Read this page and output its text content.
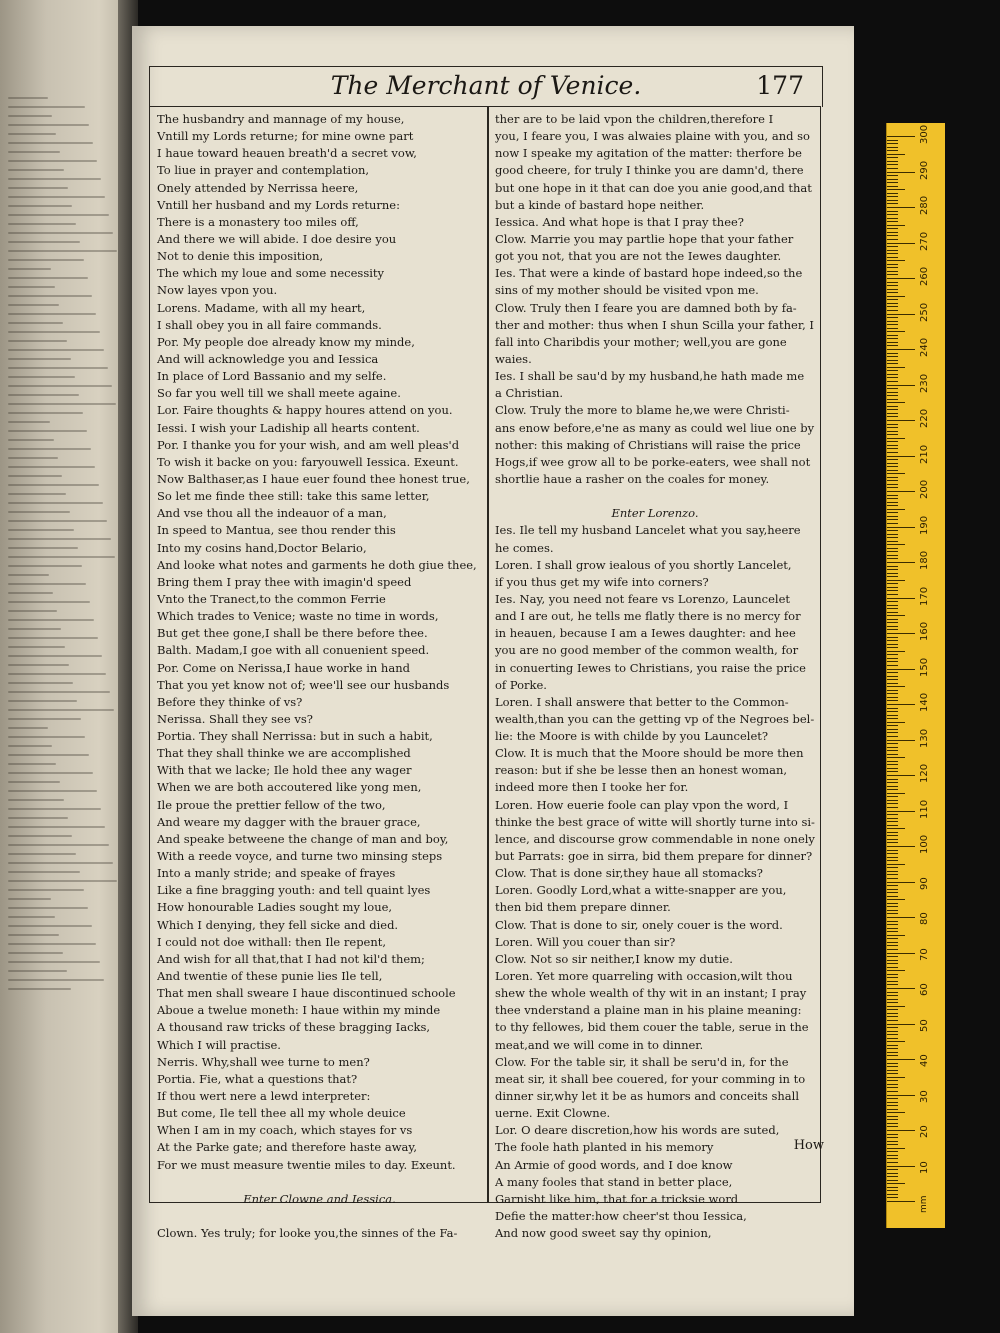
The Merchant of Venice.	177
The husbandry and mannage of my house,
Vntill my Lords returne; for mine owne part
I haue toward heauen breath'd a secret vow,
To liue in prayer and contemplation,
Onely attended by Nerrissa heere,
Vntill her husband and my Lords returne:
There is a monastery too miles off,
And there we will abide. I doe desire you
Not to denie this imposition,
The which my loue and some necessity
Now layes vpon you.
Lorens. Madame, with all my heart,
I shall obey you in all faire commands.
Por. My people doe already know my minde,
And will acknowledge you and Iessica
In place of Lord Bassanio and my selfe.
So far you well till we shall meete againe.
Lor. Faire thoughts & happy houres attend on you.
Iessi. I wish your Ladiship all hearts content.
Por. I thanke you for your wish, and am well pleas'd
To wish it backe on you: faryouwell Iessica. Exeunt.
Now Balthaser,as I haue euer found thee honest true,
So let me finde thee still: take this same letter,
And vse thou all the indeauor of a man,
In speed to Mantua, see thou render this
Into my cosins hand,Doctor Belario,
And looke what notes and garments he doth giue thee,
Bring them I pray thee with imagin'd speed
Vnto the Tranect,to the common Ferrie
Which trades to Venice; waste no time in words,
But get thee gone,I shall be there before thee.
Balth. Madam,I goe with all conuenient speed.
Por. Come on Nerissa,I haue worke in hand
That you yet know not of; wee'll see our husbands
Before they thinke of vs?
Nerissa. Shall they see vs?
Portia. They shall Nerrissa: but in such a habit,
That they shall thinke we are accomplished
With that we lacke; Ile hold thee any wager
When we are both accoutered like yong men,
Ile proue the prettier fellow of the two,
And weare my dagger with the brauer grace,
And speake betweene the change of man and boy,
With a reede voyce, and turne two minsing steps
Into a manly stride; and speake of frayes
Like a fine bragging youth: and tell quaint lyes
How honourable Ladies sought my loue,
Which I denying, they fell sicke and died.
I could not doe withall: then Ile repent,
And wish for all that,that I had not kil'd them;
And twentie of these punie lies Ile tell,
That men shall sweare I haue discontinued schoole
Aboue a twelue moneth: I haue within my minde
A thousand raw tricks of these bragging Iacks,
Which I will practise.
Nerris. Why,shall wee turne to men?
Portia. Fie, what a questions that?
If thou wert nere a lewd interpreter:
But come, Ile tell thee all my whole deuice
When I am in my coach, which stayes for vs
At the Parke gate; and therefore haste away,
For we must measure twentie miles to day. Exeunt.
Enter Clowne and Iessica.
Clown. Yes truly; for looke you,the sinnes of the Fa-
ther are to be laid vpon the children,therefore I
you, I feare you, I was alwaies plaine with you, and so
now I speake my agitation of the matter: therfore be
good cheere, for truly I thinke you are damn'd, there
but one hope in it that can doe you anie good,and that
but a kinde of bastard hope neither.
Iessica. And what hope is that I pray thee?
Clow. Marrie you may partlie hope that your father
got you not, that you are not the Iewes daughter.
Ies. That were a kinde of bastard hope indeed,so the
sins of my mother should be visited vpon me.
Clow. Truly then I feare you are damned both by fa-
ther and mother: thus when I shun Scilla your father, I
fall into Charibdis your mother; well,you are gone
waies.
Ies. I shall be sau'd by my husband,he hath made me
a Christian.
Clow. Truly the more to blame he,we were Christi-
ans enow before,e'ne as many as could wel liue one by
nother: this making of Christians will raise the price
Hogs,if wee grow all to be porke-eaters, wee shall not
shortlie haue a rasher on the coales for money.
Enter Lorenzo.
Ies. Ile tell my husband Lancelet what you say,heere
he comes.
Loren. I shall grow iealous of you shortly Lancelet,
if you thus get my wife into corners?
Ies. Nay, you need not feare vs Lorenzo, Launcelet
and I are out, he tells me flatly there is no mercy for
in heauen, because I am a Iewes daughter: and hee
you are no good member of the common wealth, for
in conuerting Iewes to Christians, you raise the price
of Porke.
Loren. I shall answere that better to the Common-
wealth,than you can the getting vp of the Negroes bel-
lie: the Moore is with childe by you Launcelet?
Clow. It is much that the Moore should be more then
reason: but if she be lesse then an honest woman,
indeed more then I tooke her for.
Loren. How euerie foole can play vpon the word, I
thinke the best grace of witte will shortly turne into si-
lence, and discourse grow commendable in none onely
but Parrats: goe in sirra, bid them prepare for dinner?
Clow. That is done sir,they haue all stomacks?
Loren. Goodly Lord,what a witte-snapper are you,
then bid them prepare dinner.
Clow. That is done to sir, onely couer is the word.
Loren. Will you couer than sir?
Clow. Not so sir neither,I know my dutie.
Loren. Yet more quarreling with occasion,wilt thou
shew the whole wealth of thy wit in an instant; I pray
thee vnderstand a plaine man in his plaine meaning:
to thy fellowes, bid them couer the table, serue in the
meat,and we will come in to dinner.
Clow. For the table sir, it shall be seru'd in, for the
meat sir, it shall bee couered, for your comming in to
dinner sir,why let it be as humors and conceits shall
uerne. Exit Clowne.
Lor. O deare discretion,how his words are suted,
The foole hath planted in his memory
An Armie of good words, and I doe know
A many fooles that stand in better place,
Garnisht like him, that for a tricksie word
Defie the matter:how cheer'st thou Iessica,
And now good sweet say thy opinion,
How
mm
10
20
30
40
50
60
70
80
90
100
110
120
130
140
150
160
170
180
190
200
210
220
230
240
250
260
270
280
290
300
